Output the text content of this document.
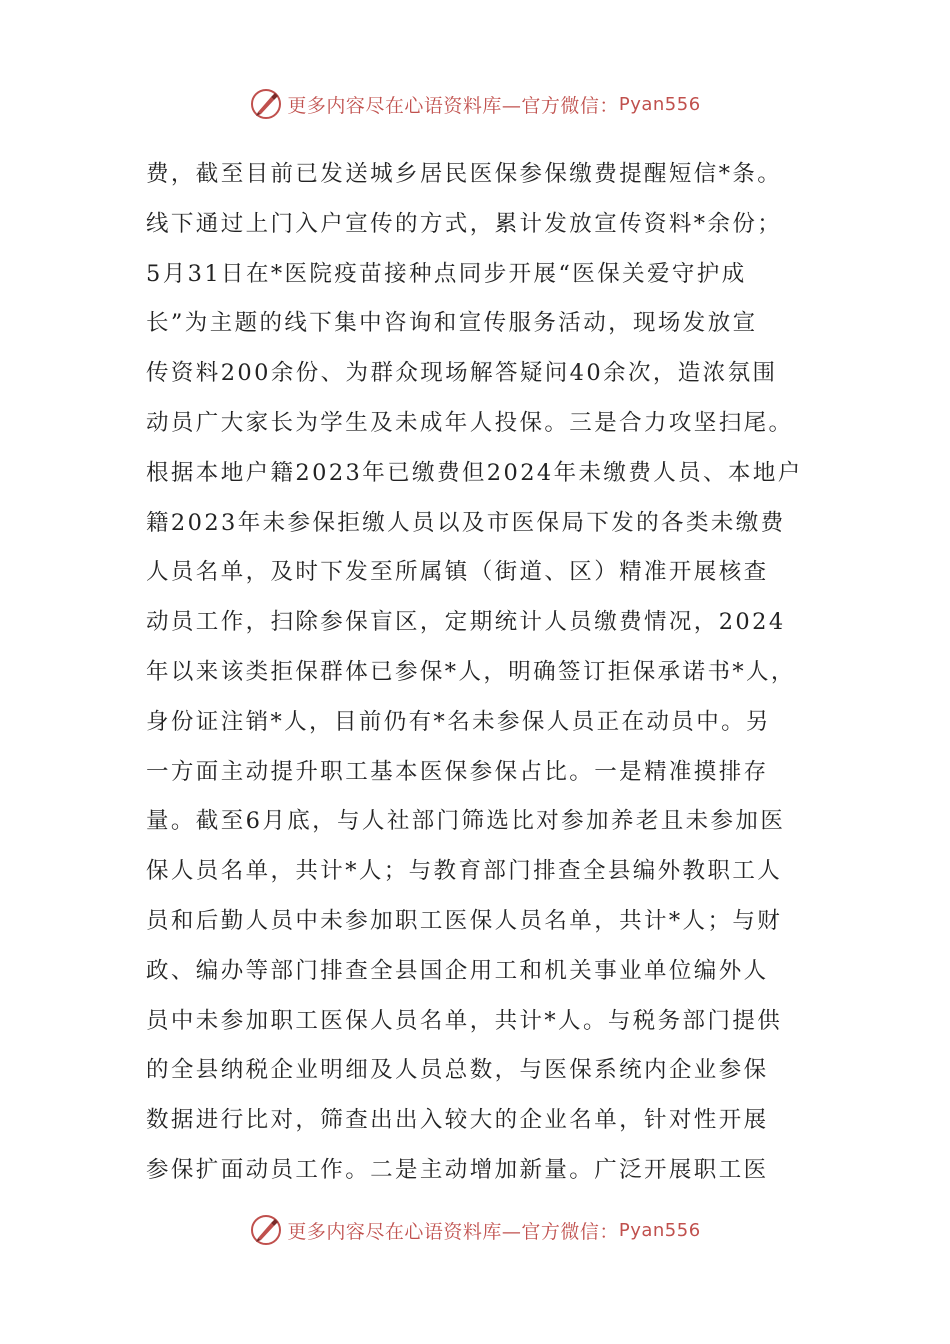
更多内容尽在心语资料库—官方微信： Pyan556
费，截至目前已发送城乡居民医保参保缴费提醒短信*条。
线下通过上门入户宣传的方式，累计发放宣传资料*余份；
5月31日在*医院疫苗接种点同步开展“医保关爱守护成
长”为主题的线下集中咨询和宣传服务活动，现场发放宣
传资料200余份、为群众现场解答疑问40余次，造浓氛围
动员广大家长为学生及未成年人投保。三是合力攻坚扫尾。
根据本地户籍2023年已缴费但2024年未缴费人员、本地户
籍2023年未参保拒缴人员以及市医保局下发的各类未缴费
人员名单，及时下发至所属镇（街道、区）精准开展核查
动员工作，扫除参保盲区，定期统计人员缴费情况，2024
年以来该类拒保群体已参保*人，明确签订拒保承诺书*人，
身份证注销*人，目前仍有*名未参保人员正在动员中。另
一方面主动提升职工基本医保参保占比。一是精准摸排存
量。截至6月底，与人社部门筛选比对参加养老且未参加医
保人员名单，共计*人；与教育部门排查全县编外教职工人
员和后勤人员中未参加职工医保人员名单，共计*人；与财
政、编办等部门排查全县国企用工和机关事业单位编外人
员中未参加职工医保人员名单，共计*人。与税务部门提供
的全县纳税企业明细及人员总数，与医保系统内企业参保
数据进行比对，筛查出出入较大的企业名单，针对性开展
参保扩面动员工作。二是主动增加新量。广泛开展职工医
更多内容尽在心语资料库—官方微信： Pyan556
